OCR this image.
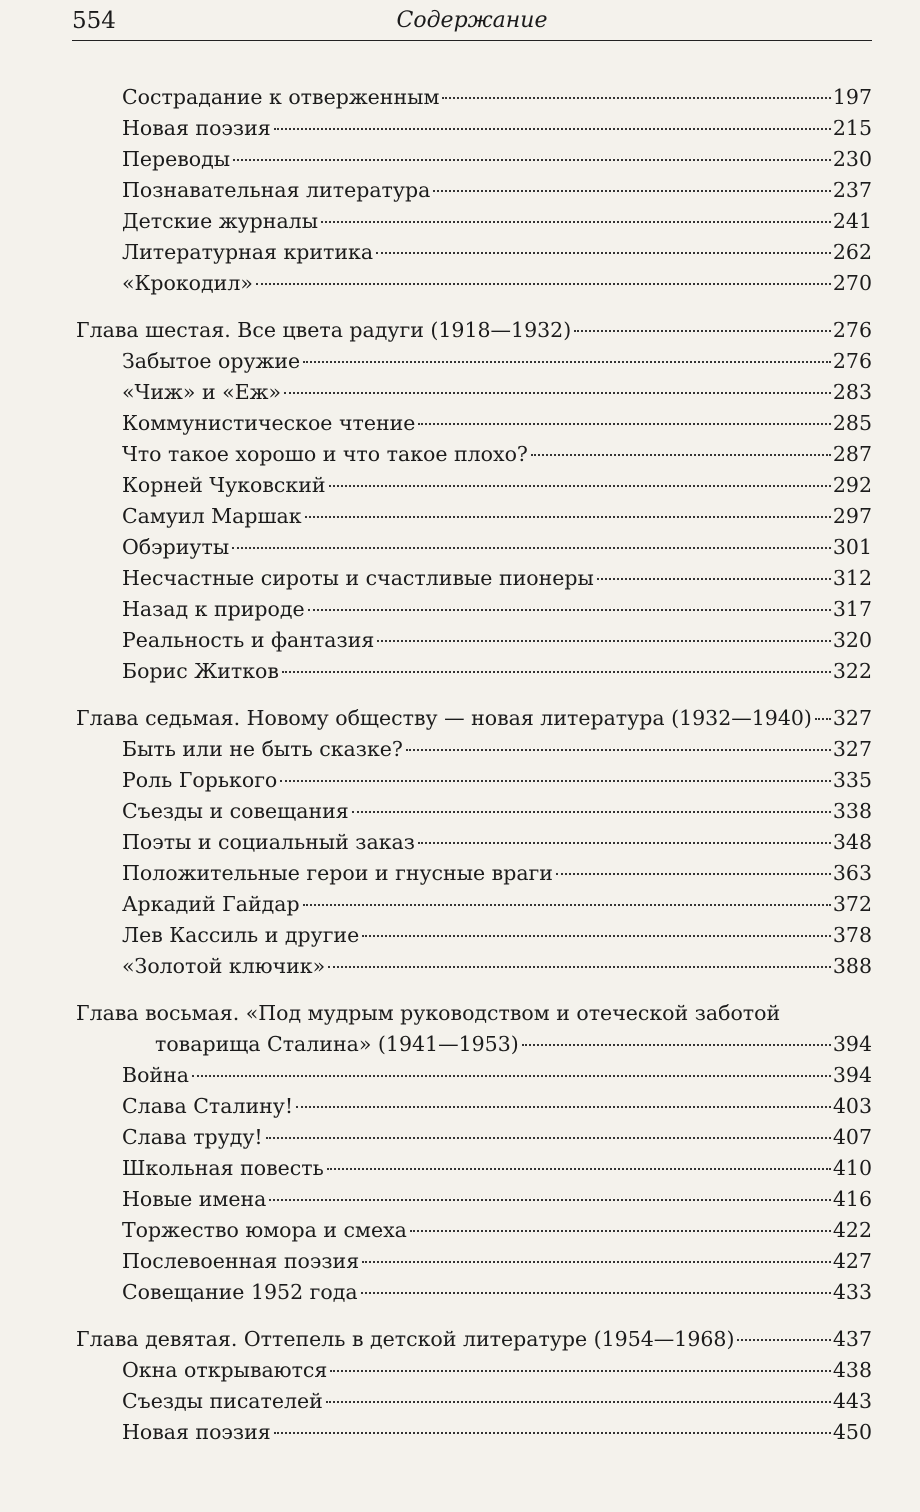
554	Содержание
Сострадание к отверженным	197
Новая поэзия	215
Переводы	230
Познавательная литература	237
Детские журналы	241
Литературная критика	262
«Крокодил»	270
Глава шестая. Все цвета радуги (1918—1932)	276
Забытое оружие	276
«Чиж» и «Еж»	283
Коммунистическое чтение	285
Что такое хорошо и что такое плохо?	287
Корней Чуковский	292
Самуил Маршак	297
Обэриуты	301
Несчастные сироты и счастливые пионеры	312
Назад к природе	317
Реальность и фантазия	320
Борис Житков	322
Глава седьмая. Новому обществу — новая литература (1932—1940) 327
Быть или не быть сказке?	327
Роль Горького	335
Съезды и совещания	338
Поэты и социальный заказ	348
Положительные герои и гнусные враги	363
Аркадий Гайдар	372
Лев Кассиль и другие	378
«Золотой ключик»	388
Глава восьмая. «Под мудрым руководством и отеческой заботой
товарища Сталина» (1941—1953)	394
Война	394
Слава Сталину!	403
Слава труду!	407
Школьная повесть	410
Новые имена	416
Торжество юмора и смеха	422
Послевоенная поэзия	427
Совещание 1952 года	433
Глава девятая. Оттепель в детской литературе (1954—1968)	437
Окна открываются	438
Съезды писателей	443
Новая поэзия	450
